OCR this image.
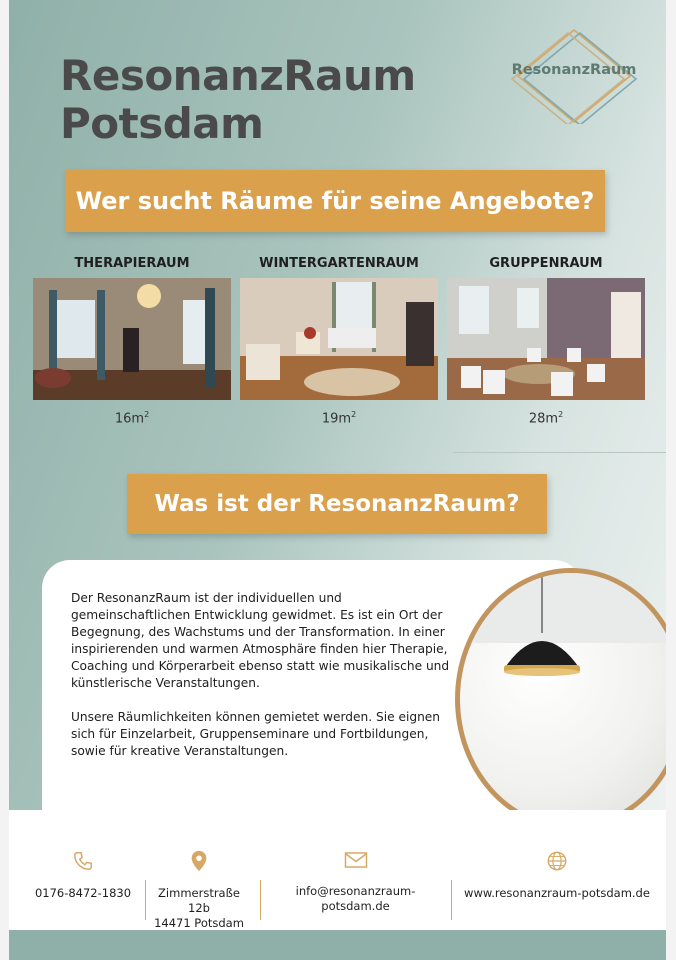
ResonanzRaum
Potsdam
ResonanzRaum
Wer sucht Räume für seine Angebote?
THERAPIERAUM
$16m^2$
WINTERGARTENRAUM
$19m^2$
GRUPPENRAUM
$28m^2$
Was ist der ResonanzRaum?

Der ResonanzRaum ist der individuellen und gemeinschaftlichen Entwicklung gewidmet. Es ist ein Ort der Begegnung, des Wachstums und der Transformation. In einer inspirierenden und warmen Atmosphäre finden hier Therapie, Coaching und Körperarbeit ebenso statt wie musikalische und künstlerische Veranstaltungen.

Unsere Räumlichkeiten können gemietet werden. Sie eignen sich für Einzelarbeit, Gruppenseminare und Fortbildungen, sowie für kreative Veranstaltungen.

0176-8472-1830	Zimmerstraße 12b
14471 Potsdam
info@resonanzraum-potsdam.de
www.resonanzraum-potsdam.de
